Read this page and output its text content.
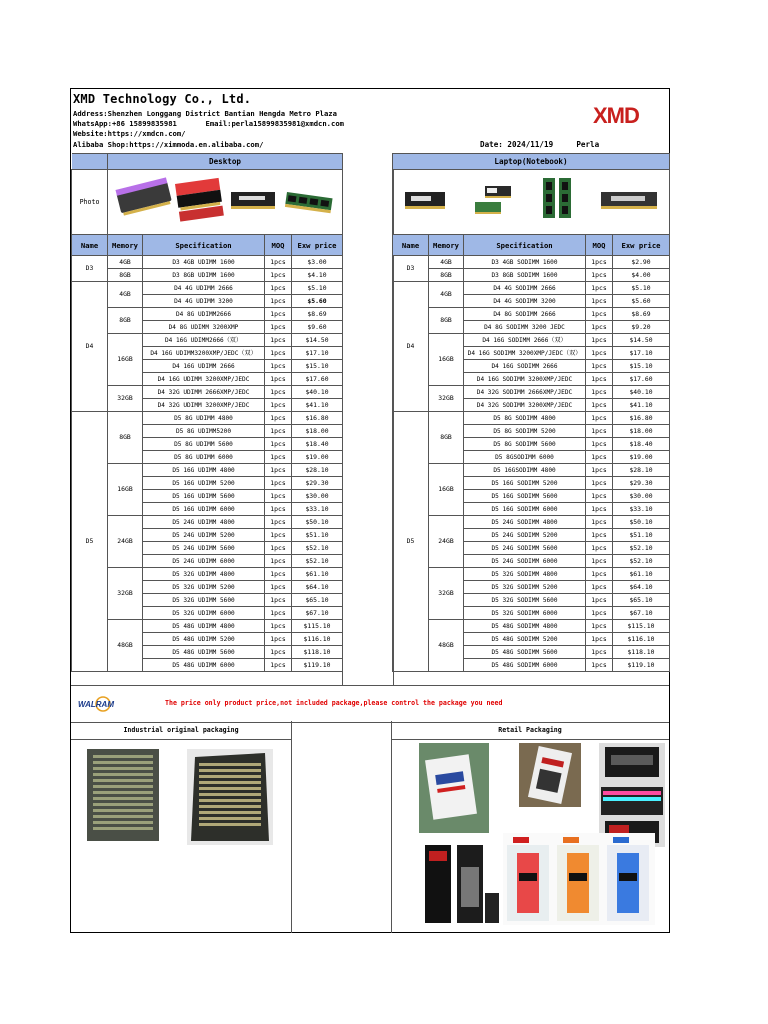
XMD Technology Co., Ltd.
Address:Shenzhen Longgang District Bantian Hengda Metro Plaza
WhatsApp:+86 15899835981	Email:perla15899835981@xmdcn.com
Website:https://xmdcn.com/
Alibaba Shop:https://ximmoda.en.alibaba.com/	Date: 2024/11/19	Perla
XMD
	Desktop			
Photo	
Name	Memory	Specification	MOQ	Exw price
D3	4GB	D3 4GB UDIMM 1600	1pcs	$3.00
	8GB	D3 8GB UDIMM 1600	1pcs	$4.10
D4	4GB	D4 4G UDIMM 2666	1pcs	$5.10
		D4 4G UDIMM 3200	1pcs	$5.60
	8GB	D4 8G UDIMM2666	1pcs	$8.69
		D4 8G UDIMM 3200XMP	1pcs	$9.60
	16GB	D4 16G UDIMM2666（双）	1pcs	$14.50
		D4 16G UDIMM3200XMP/JEDC（双）	1pcs	$17.10
		D4 16G UDIMM 2666	1pcs	$15.10
		D4 16G UDIMM 3200XMP/JEDC	1pcs	$17.60
	32GB	D4 32G UDIMM 2666XMP/JEDC	1pcs	$40.10
		D4 32G UDIMM 3200XMP/JEDC	1pcs	$41.10
D5	8GB	D5 8G UDIMM 4800	1pcs	$16.80
		D5 8G UDIMM5200	1pcs	$18.00
		D5 8G UDIMM 5600	1pcs	$18.40
		D5 8G UDIMM 6000	1pcs	$19.00
	16GB	D5 16G UDIMM 4800	1pcs	$28.10
		D5 16G UDIMM 5200	1pcs	$29.30
		D5 16G UDIMM 5600	1pcs	$30.00
		D5 16G UDIMM 6000	1pcs	$33.10
	24GB	D5 24G UDIMM 4800	1pcs	$50.10
		D5 24G UDIMM 5200	1pcs	$51.10
		D5 24G UDIMM 5600	1pcs	$52.10
		D5 24G UDIMM 6000	1pcs	$52.10
	32GB	D5 32G UDIMM 4800	1pcs	$61.10
		D5 32G UDIMM 5200	1pcs	$64.10
		D5 32G UDIMM 5600	1pcs	$65.10
		D5 32G UDIMM 6000	1pcs	$67.10
	48GB	D5 48G UDIMM 4800	1pcs	$115.10
		D5 48G UDIMM 5200	1pcs	$116.10
		D5 48G UDIMM 5600	1pcs	$118.10
		D5 48G UDIMM 6000	1pcs	$119.10
Laptop(Notebook)				

Name	Memory	Specification	MOQ	Exw price
D3	4GB	D3 4GB SODIMM 1600	1pcs	$2.90
	8GB	D3 8GB SODIMM 1600	1pcs	$4.00
D4	4GB	D4 4G SODIMM 2666	1pcs	$5.10
		D4 4G SODIMM 3200	1pcs	$5.60
	8GB	D4 8G SODIMM 2666	1pcs	$8.69
		D4 8G SODIMM 3200 JEDC	1pcs	$9.20
	16GB	D4 16G SODIMM 2666（双）	1pcs	$14.50
		D4 16G SODIMM 3200XMP/JEDC（双）	1pcs	$17.10
		D4 16G SODIMM 2666	1pcs	$15.10
		D4 16G SODIMM 3200XMP/JEDC	1pcs	$17.60
	32GB	D4 32G SODIMM 2666XMP/JEDC	1pcs	$40.10
		D4 32G SODIMM 3200XMP/JEDC	1pcs	$41.10
D5	8GB	D5 8G SODIMM 4800	1pcs	$16.80
		D5 8G SODIMM 5200	1pcs	$18.00
		D5 8G SODIMM 5600	1pcs	$18.40
		D5 8GSODIMM 6000	1pcs	$19.00
	16GB	D5 16GSODIMM 4800	1pcs	$28.10
		D5 16G SODIMM 5200	1pcs	$29.30
		D5 16G SODIMM 5600	1pcs	$30.00
		D5 16G SODIMM 6000	1pcs	$33.10
	24GB	D5 24G SODIMM 4800	1pcs	$50.10
		D5 24G SODIMM 5200	1pcs	$51.10
		D5 24G SODIMM 5600	1pcs	$52.10
		D5 24G SODIMM 6000	1pcs	$52.10
	32GB	D5 32G SODIMM 4800	1pcs	$61.10
		D5 32G SODIMM 5200	1pcs	$64.10
		D5 32G SODIMM 5600	1pcs	$65.10
		D5 32G SODIMM 6000	1pcs	$67.10
	48GB	D5 48G SODIMM 4800	1pcs	$115.10
		D5 48G SODIMM 5200	1pcs	$116.10
		D5 48G SODIMM 5600	1pcs	$118.10
		D5 48G SODIMM 6000	1pcs	$119.10
WALRAM	The price only product price,not included package,please control the package you need
Industrial original packaging	Retail Packaging
